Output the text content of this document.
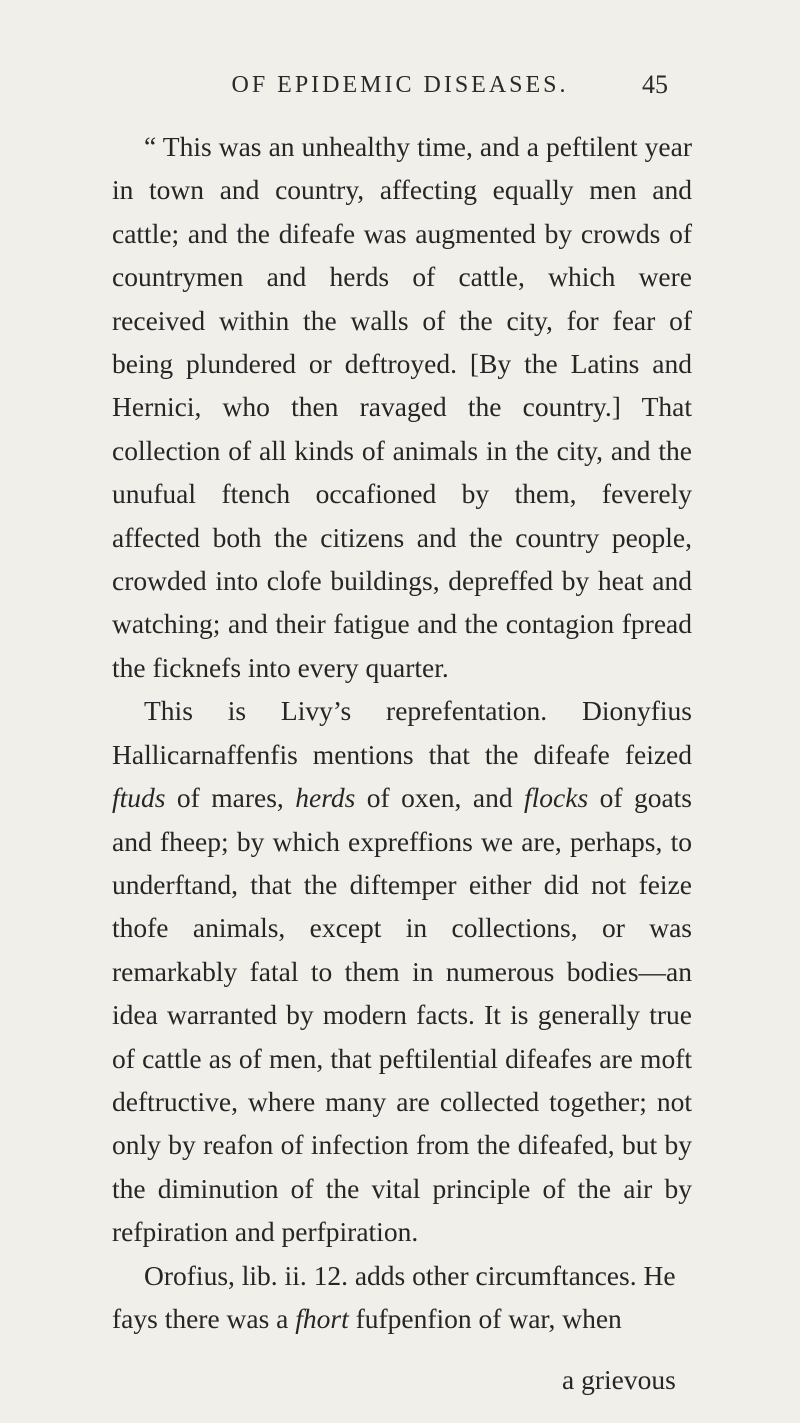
OF EPIDEMIC DISEASES.	45

“ This was an unhealthy time, and a peftilent year in town and country, affecting equally men and cattle; and the difeafe was augmented by crowds of countrymen and herds of cattle, which were received within the walls of the city, for fear of being plundered or deftroyed. [By the Latins and Hernici, who then ravaged the country.] That collection of all kinds of animals in the city, and the unufual ftench occafioned by them, feverely affected both the citizens and the country people, crowded into clofe buildings, depreffed by heat and watching; and their fatigue and the contagion fpread the ficknefs into every quarter.

This is Livy’s reprefentation. Dionyfius Hallicarnaffenfis mentions that the difeafe feized ftuds of mares, herds of oxen, and flocks of goats and fheep; by which expreffions we are, perhaps, to underftand, that the diftemper either did not feize thofe animals, except in collections, or was remarkably fatal to them in numerous bodies—an idea warranted by modern facts. It is generally true of cattle as of men, that peftilential difeafes are moft deftructive, where many are collected together; not only by reafon of infection from the difeafed, but by the diminution of the vital principle of the air by refpiration and perfpiration.

Orofius, lib. ii. 12. adds other circumftances. He fays there was a fhort fufpenfion of war, when

a grievous
